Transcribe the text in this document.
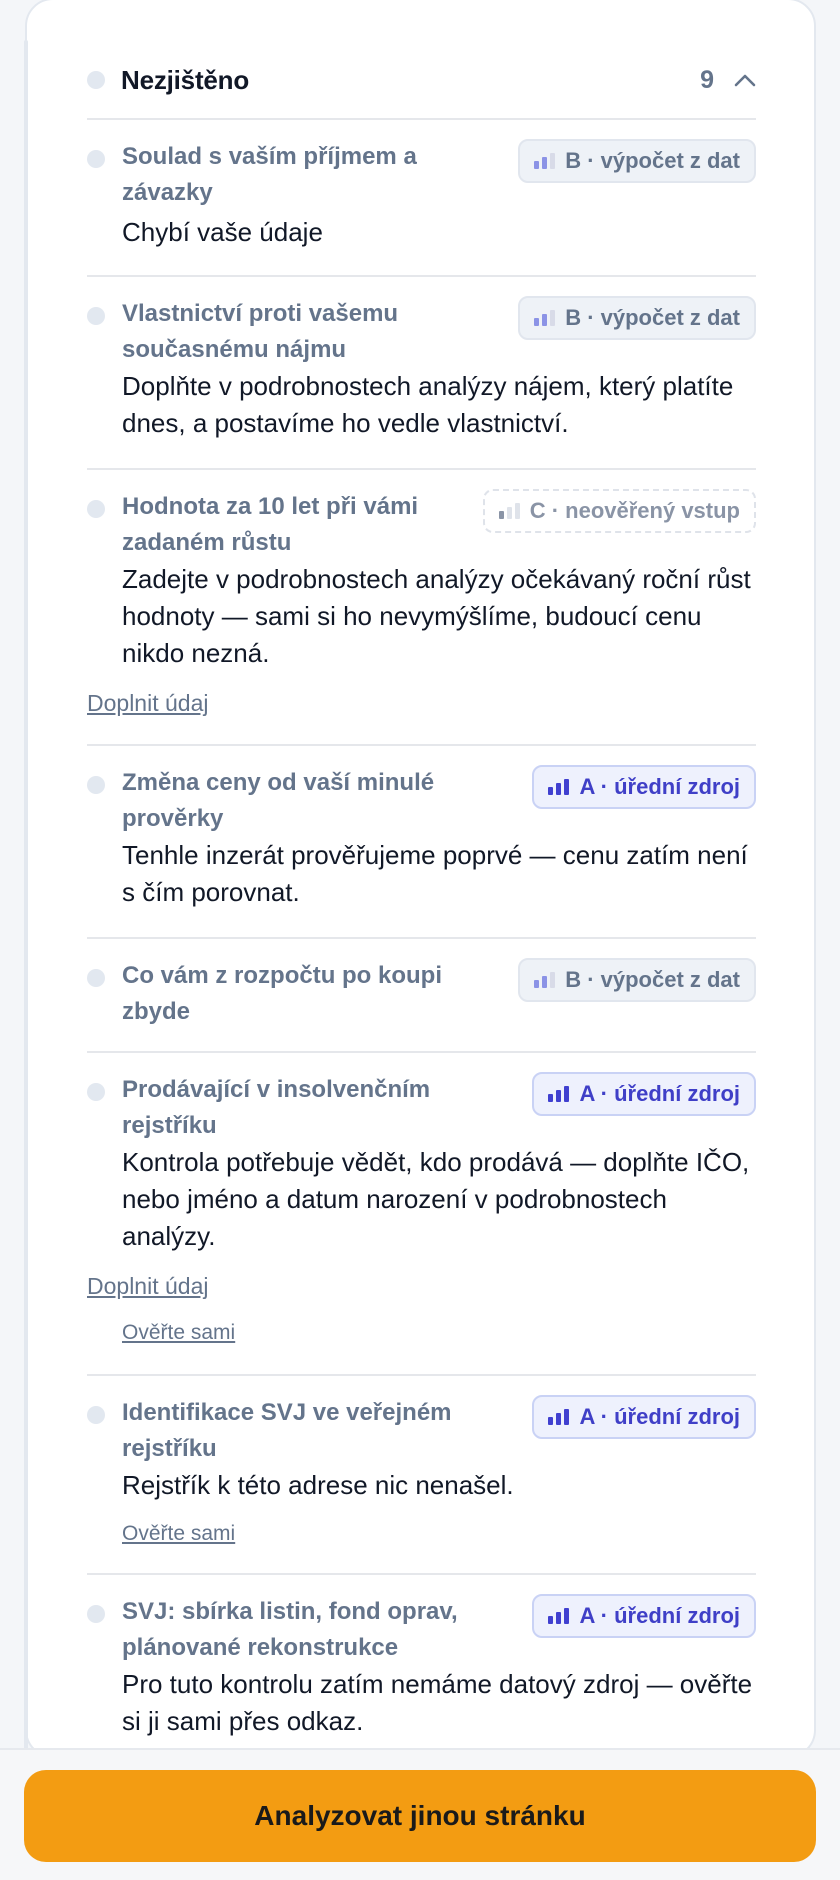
Nezjištěno	9
Soulad s vaším příjmem a závazky
B · výpočet z dat
Chybí vaše údaje
Vlastnictví proti vašemu současnému nájmu
B · výpočet z dat
Doplňte v podrobnostech analýzy nájem, který platíte dnes, a postavíme ho vedle vlastnictví.
Hodnota za 10 let při vámi zadaném růstu
C · neověřený vstup
Zadejte v podrobnostech analýzy očekávaný roční růst hodnoty — sami si ho nevymýšlíme, budoucí cenu nikdo nezná.
Doplnit údaj
Změna ceny od vaší minulé prověrky
A · úřední zdroj
Tenhle inzerát prověřujeme poprvé — cenu zatím není s čím porovnat.
Co vám z rozpočtu po koupi zbyde
B · výpočet z dat
Prodávající v insolvenčním rejstříku
A · úřední zdroj
Kontrola potřebuje vědět, kdo prodává — doplňte IČO, nebo jméno a datum narození v podrobnostech analýzy.
Doplnit údaj
Ověřte sami
Identifikace SVJ ve veřejném rejstříku
A · úřední zdroj
Rejstřík k této adrese nic nenašel.
Ověřte sami
SVJ: sbírka listin, fond oprav, plánované rekonstrukce
A · úřední zdroj
Pro tuto kontrolu zatím nemáme datový zdroj — ověřte si ji sami přes odkaz.
Analyzovat jinou stránku
